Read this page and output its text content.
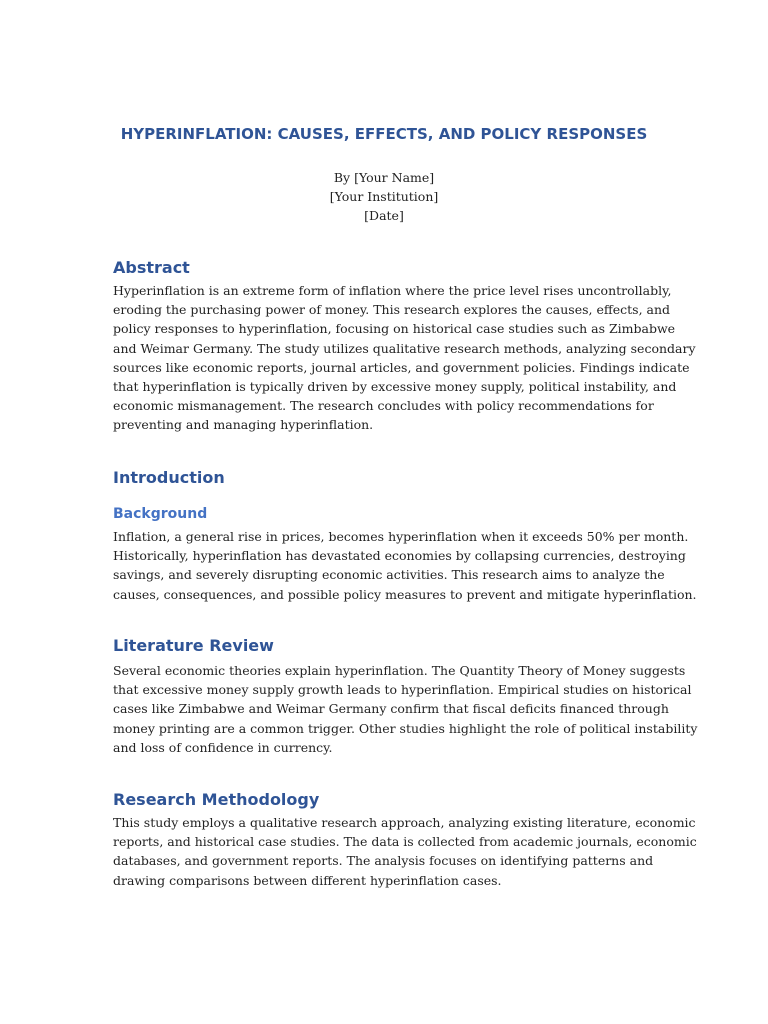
HYPERINFLATION: CAUSES, EFFECTS, AND POLICY RESPONSES
By [Your Name]
[Your Institution]
[Date]
Abstract
Hyperinflation is an extreme form of inflation where the price level rises uncontrollably,
eroding the purchasing power of money. This research explores the causes, effects, and
policy responses to hyperinflation, focusing on historical case studies such as Zimbabwe
and Weimar Germany. The study utilizes qualitative research methods, analyzing secondary
sources like economic reports, journal articles, and government policies. Findings indicate
that hyperinflation is typically driven by excessive money supply, political instability, and
economic mismanagement. The research concludes with policy recommendations for
preventing and managing hyperinflation.
Introduction
Background
Inflation, a general rise in prices, becomes hyperinflation when it exceeds 50% per month.
Historically, hyperinflation has devastated economies by collapsing currencies, destroying
savings, and severely disrupting economic activities. This research aims to analyze the
causes, consequences, and possible policy measures to prevent and mitigate hyperinflation.
Literature Review
Several economic theories explain hyperinflation. The Quantity Theory of Money suggests
that excessive money supply growth leads to hyperinflation. Empirical studies on historical
cases like Zimbabwe and Weimar Germany confirm that fiscal deficits financed through
money printing are a common trigger. Other studies highlight the role of political instability
and loss of confidence in currency.
Research Methodology
This study employs a qualitative research approach, analyzing existing literature, economic
reports, and historical case studies. The data is collected from academic journals, economic
databases, and government reports. The analysis focuses on identifying patterns and
drawing comparisons between different hyperinflation cases.
